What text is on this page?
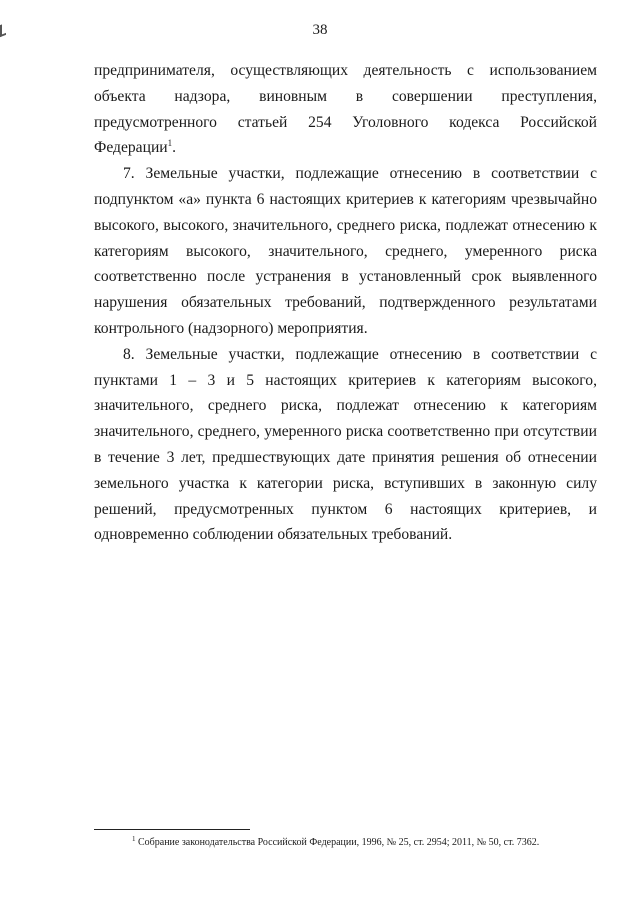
38

предпринимателя, осуществляющих деятельность с использованием объекта надзора, виновным в совершении преступления, предусмотренного статьей 254 Уголовного кодекса Российской Федерации$^1$.

7. Земельные участки, подлежащие отнесению в соответствии с подпунктом «а» пункта 6 настоящих критериев к категориям чрезвычайно высокого, высокого, значительного, среднего риска, подлежат отнесению к категориям высокого, значительного, среднего, умеренного риска соответственно после устранения в установленный срок выявленного нарушения обязательных требований, подтвержденного результатами контрольного (надзорного) мероприятия.

8. Земельные участки, подлежащие отнесению в соответствии с пунктами 1 – 3 и 5 настоящих критериев к категориям высокого, значительного, среднего риска, подлежат отнесению к категориям значительного, среднего, умеренного риска соответственно при отсутствии в течение 3 лет, предшествующих дате принятия решения об отнесении земельного участка к категории риска, вступивших в законную силу решений, предусмотренных пунктом 6 настоящих критериев, и одновременно соблюдении обязательных требований.

$^1$ Собрание законодательства Российской Федерации, 1996, № 25, ст. 2954; 2011, № 50, ст. 7362.
